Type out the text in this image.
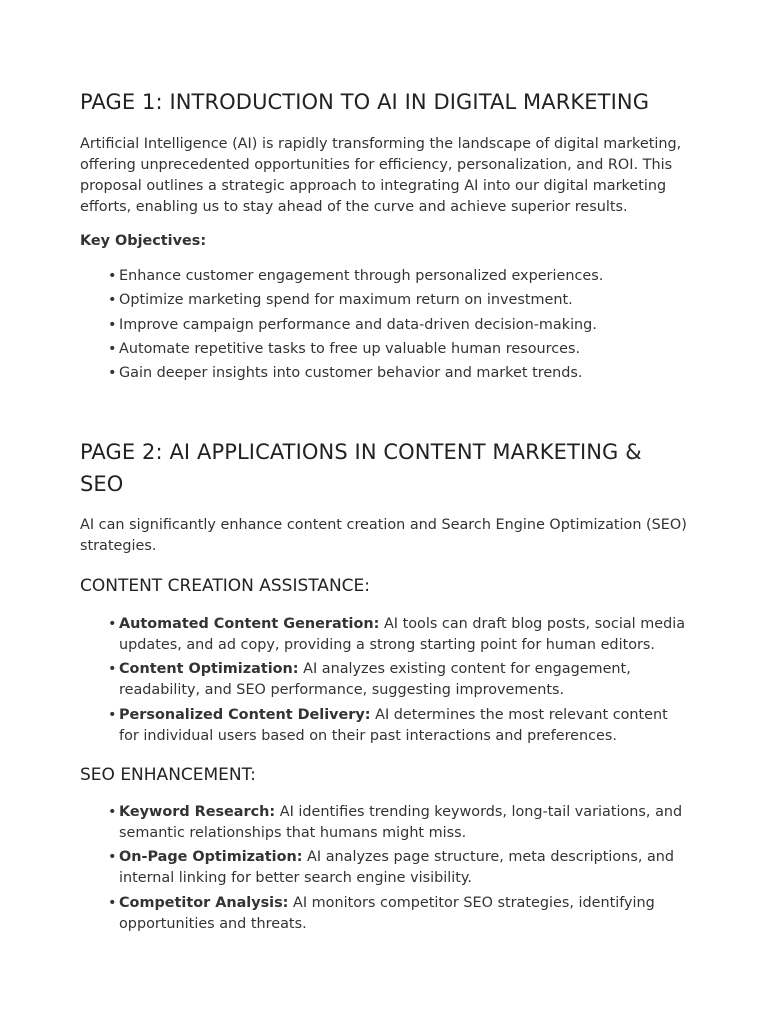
PAGE 1: INTRODUCTION TO AI IN DIGITAL MARKETING

Artificial Intelligence (AI) is rapidly transforming the landscape of digital marketing, offering unprecedented opportunities for efficiency, personalization, and ROI. This proposal outlines a strategic approach to integrating AI into our digital marketing efforts, enabling us to stay ahead of the curve and achieve superior results.

Key Objectives:

• Enhance customer engagement through personalized experiences.
• Optimize marketing spend for maximum return on investment.
• Improve campaign performance and data-driven decision-making.
• Automate repetitive tasks to free up valuable human resources.
• Gain deeper insights into customer behavior and market trends.
PAGE 2: AI APPLICATIONS IN CONTENT MARKETING & SEO

AI can significantly enhance content creation and Search Engine Optimization (SEO) strategies.

CONTENT CREATION ASSISTANCE:
• Automated Content Generation: AI tools can draft blog posts, social media updates, and ad copy, providing a strong starting point for human editors.
• Content Optimization: AI analyzes existing content for engagement, readability, and SEO performance, suggesting improvements.
• Personalized Content Delivery: AI determines the most relevant content for individual users based on their past interactions and preferences.
SEO ENHANCEMENT:
• Keyword Research: AI identifies trending keywords, long-tail variations, and semantic relationships that humans might miss.
• On-Page Optimization: AI analyzes page structure, meta descriptions, and internal linking for better search engine visibility.
• Competitor Analysis: AI monitors competitor SEO strategies, identifying opportunities and threats.
